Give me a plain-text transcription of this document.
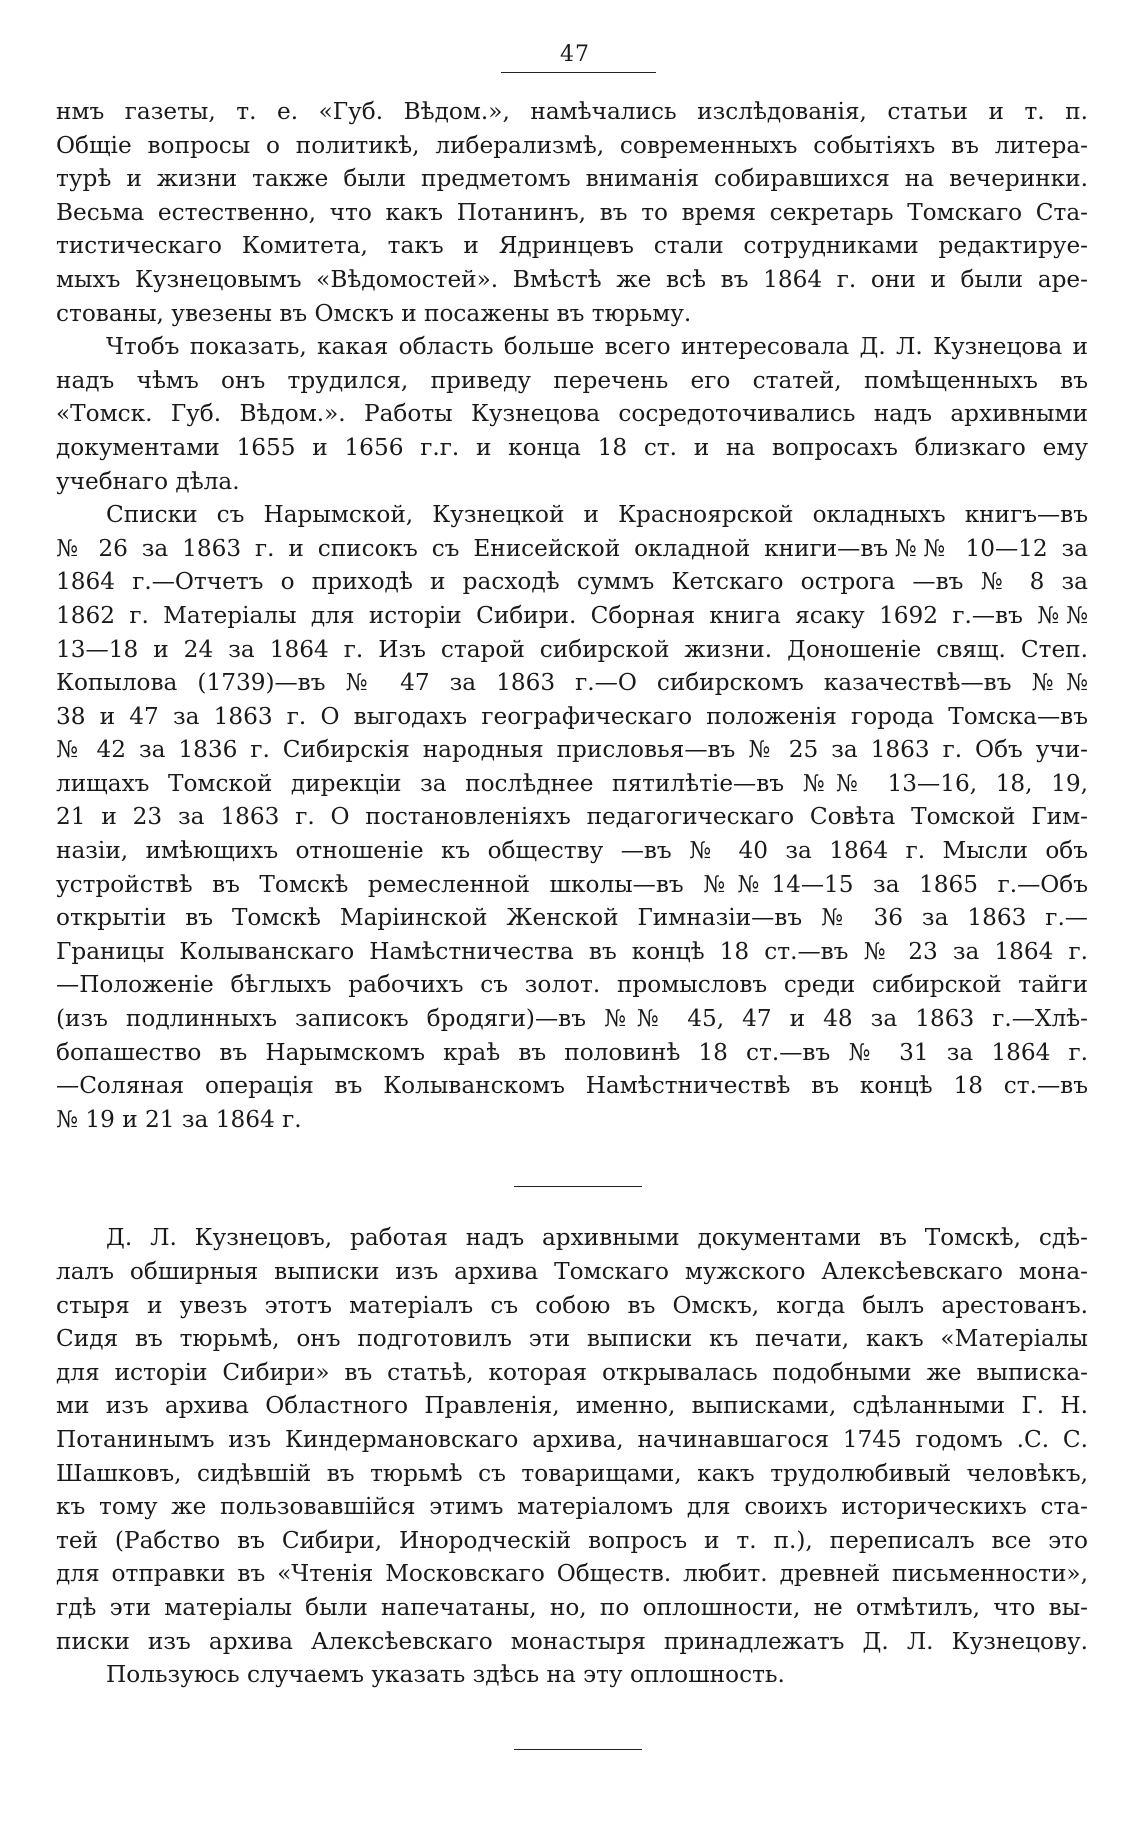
47
нмъ газеты, т. е. «Губ. Вѣдом.», намѣчались изслѣдованія, статьи и т. п.
Общіе вопросы о политикѣ, либерализмѣ, современныхъ событіяхъ въ литера-
турѣ и жизни также были предметомъ вниманія собиравшихся на вечеринки.
Весьма естественно, что какъ Потанинъ, въ то время секретарь Томскаго Ста-
тистическаго Комитета, такъ и Ядринцевъ стали сотрудниками редактируе-
мыхъ Кузнецовымъ «Вѣдомостей». Вмѣстѣ же всѣ въ 1864 г. они и были аре-
стованы, увезены въ Омскъ и посажены въ тюрьму.
Чтобъ показать, какая область больше всего интересовала Д. Л. Кузнецова и
надъ чѣмъ онъ трудился, приведу перечень его статей, помѣщенныхъ въ
«Томск. Губ. Вѣдом.». Работы Кузнецова сосредоточивались надъ архивными
документами 1655 и 1656 г.г. и конца 18 ст. и на вопросахъ близкаго ему
учебнаго дѣла.
Списки съ Нарымской, Кузнецкой и Красноярской окладныхъ книгъ—въ
№ 26 за 1863 г. и списокъ съ Енисейской окладной книги—въ№№ 10—12 за
1864 г.—Отчетъ о приходѣ и расходѣ суммъ Кетскаго острога —въ № 8 за
1862 г. Матеріалы для исторіи Сибири. Сборная книга ясаку 1692 г.—въ №№
13—18 и 24 за 1864 г. Изъ старой сибирской жизни. Доношеніе свящ. Степ.
Копылова (1739)—въ № 47 за 1863 г.—О сибирскомъ казачествѣ—въ №№
38 и 47 за 1863 г. О выгодахъ географическаго положенія города Томска—въ
№ 42 за 1836 г. Сибирскія народныя присловья—въ № 25 за 1863 г. Объ учи-
лищахъ Томской дирекціи за послѣднее пятилѣтіе—въ №№ 13—16, 18, 19,
21 и 23 за 1863 г. О постановленіяхъ педагогическаго Совѣта Томской Гим-
назіи, имѣющихъ отношеніе къ обществу —въ № 40 за 1864 г. Мысли объ
устройствѣ въ Томскѣ ремесленной школы—въ №№14—15 за 1865 г.—Объ
открытіи въ Томскѣ Маріинской Женской Гимназіи—въ № 36 за 1863 г.—
Границы Колыванскаго Намѣстничества въ концѣ 18 ст.—въ № 23 за 1864 г.
—Положеніе бѣглыхъ рабочихъ съ золот. промысловъ среди сибирской тайги
(изъ подлинныхъ записокъ бродяги)—въ №№ 45, 47 и 48 за 1863 г.—Хлѣ-
бопашество въ Нарымскомъ краѣ въ половинѣ 18 ст.—въ № 31 за 1864 г.
—Соляная операція въ Колыванскомъ Намѣстничествѣ въ концѣ 18 ст.—въ
№ 19 и 21 за 1864 г.
Д. Л. Кузнецовъ, работая надъ архивными документами въ Томскѣ, сдѣ-
лалъ обширныя выписки изъ архива Томскаго мужского Алексѣевскаго мона-
стыря и увезъ этотъ матеріалъ съ собою въ Омскъ, когда былъ арестованъ.
Сидя въ тюрьмѣ, онъ подготовилъ эти выписки къ печати, какъ «Матеріалы
для исторіи Сибири» въ статьѣ, которая открывалась подобными же выписка-
ми изъ архива Областного Правленія, именно, выписками, сдѣланными Г. Н.
Потанинымъ изъ Киндермановскаго архива, начинавшагося 1745 годомъ .С. С.
Шашковъ, сидѣвшій въ тюрьмѣ съ товарищами, какъ трудолюбивый человѣкъ,
къ тому же пользовавшійся этимъ матеріаломъ для своихъ историческихъ ста-
тей (Рабство въ Сибири, Инородческій вопросъ и т. п.), переписалъ все это
для отправки въ «Чтенія Московскаго Обществ. любит. древней письменности»,
гдѣ эти матеріалы были напечатаны, но, по оплошности, не отмѣтилъ, что вы-
писки изъ архива Алексѣевскаго монастыря принадлежатъ Д. Л. Кузнецову.
Пользуюсь случаемъ указать здѣсь на эту оплошность.
